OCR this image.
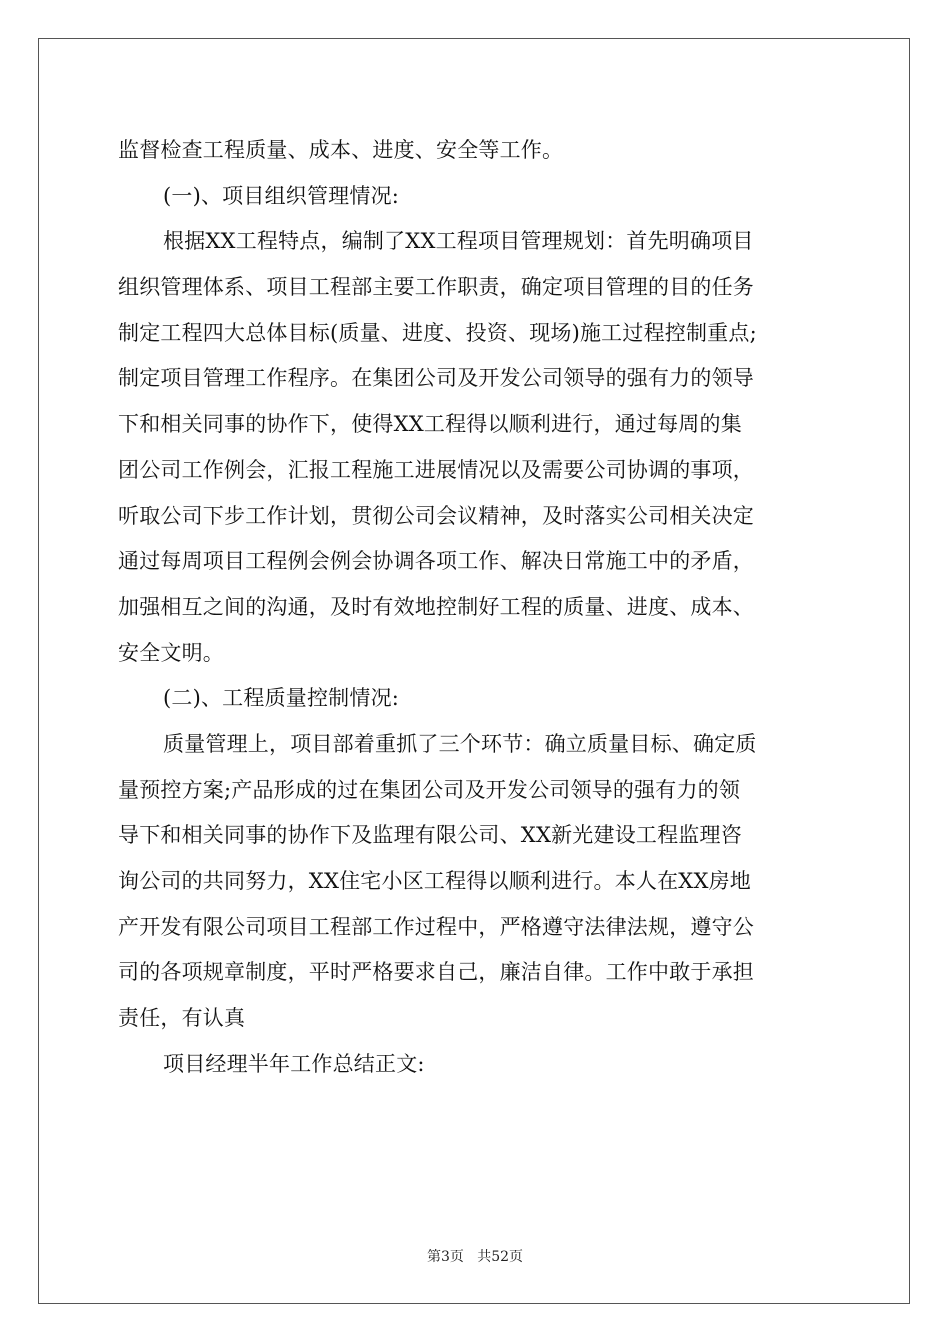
监督检查工程质量、成本、进度、安全等工作。
(一)、项目组织管理情况:
根据XX工程特点，编制了XX工程项目管理规划：首先明确项目
组织管理体系、项目工程部主要工作职责，确定项目管理的目的任务
制定工程四大总体目标(质量、进度、投资、现场)施工过程控制重点;
制定项目管理工作程序。在集团公司及开发公司领导的强有力的领导
下和相关同事的协作下，使得XX工程得以顺利进行，通过每周的集
团公司工作例会，汇报工程施工进展情况以及需要公司协调的事项，
听取公司下步工作计划，贯彻公司会议精神，及时落实公司相关决定
通过每周项目工程例会例会协调各项工作、解决日常施工中的矛盾，
加强相互之间的沟通，及时有效地控制好工程的质量、进度、成本、
安全文明。
(二)、工程质量控制情况:
质量管理上，项目部着重抓了三个环节：确立质量目标、确定质
量预控方案;产品形成的过在集团公司及开发公司领导的强有力的领
导下和相关同事的协作下及监理有限公司、XX新光建设工程监理咨
询公司的共同努力，XX住宅小区工程得以顺利进行。本人在XX房地
产开发有限公司项目工程部工作过程中，严格遵守法律法规，遵守公
司的各项规章制度，平时严格要求自己，廉洁自律。工作中敢于承担
责任，有认真
项目经理半年工作总结正文:
第3页   共52页
